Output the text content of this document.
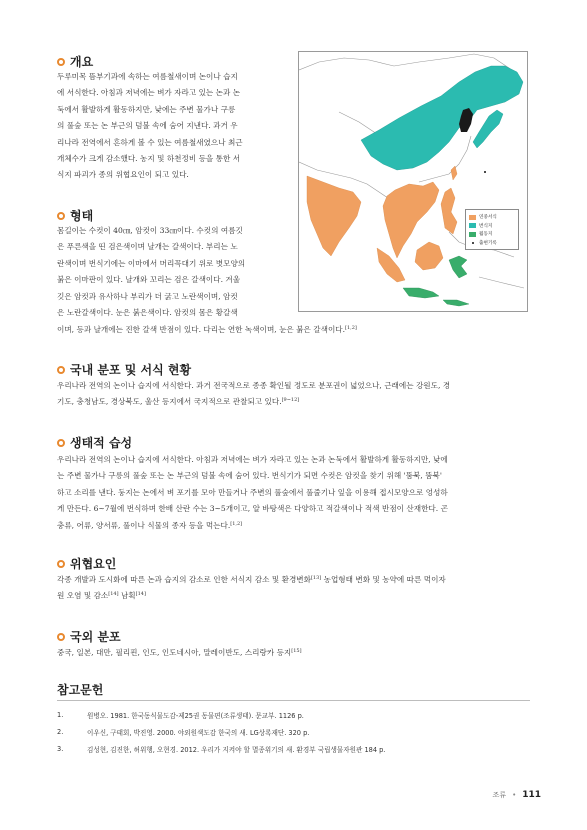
개요
두루미목 뜸부기과에 속하는 여름철새이며 논이나 습지
에 서식한다. 아침과 저녁에는 벼가 자라고 있는 논과 논
둑에서 활발하게 활동하지만, 낮에는 주변 물가나 구릉
의 풀숲 또는 논 부근의 덤불 속에 숨어 지낸다. 과거 우
리나라 전역에서 흔하게 볼 수 있는 여름철새였으나 최근
개체수가 크게 감소했다. 농지 및 하천정비 등을 통한 서
식지 파괴가 종의 위협요인이 되고 있다.
형태
몸길이는 수컷이 40㎝, 암컷이 33㎝이다. 수컷의 여름깃
은 푸른색을 띤 검은색이며 날개는 갈색이다. 부리는 노
란색이며 번식기에는 이마에서 머리꼭대기 위로 볏모양의
붉은 이마판이 있다. 날개와 꼬리는 검은 갈색이다. 겨울
깃은 암컷과 유사하나 부리가 더 굵고 노란색이며, 암컷
은 노란갈색이다. 눈은 붉은색이다. 암컷의 몸은 황갈색
이며, 등과 날개에는 진한 갈색 반점이 있다. 다리는 연한 녹색이며, 눈은 붉은 갈색이다.[1,2]
연중서식
번식지
월동지
출현기록
국내 분포 및 서식 현황
우리나라 전역의 논이나 습지에 서식한다. 과거 전국적으로 종종 확인될 정도로 분포권이 넓었으나, 근래에는 강원도, 경
기도, 충청남도, 경상북도, 울산 등지에서 국지적으로 관찰되고 있다.[9~12]
생태적 습성
우리나라 전역의 논이나 습지에 서식한다. 아침과 저녁에는 벼가 자라고 있는 논과 논둑에서 활발하게 활동하지만, 낮에
는 주변 물가나 구릉의 풀숲 또는 논 부근의 덤불 속에 숨어 있다. 번식기가 되면 수컷은 암컷을 찾기 위해 '뚬북, 뚬북'
하고 소리를 낸다. 둥지는 논에서 벼 포기를 모아 만들거나 주변의 풀숲에서 풀줄기나 잎을 이용해 접시모양으로 엉성하
게 만든다. 6~7월에 번식하며 한배 산란 수는 3~5개이고, 알 바탕색은 다양하고 적갈색이나 적색 반점이 산재한다. 곤
충류, 어류, 양서류, 풀이나 식물의 종자 등을 먹는다.[1,2]
위협요인
각종 개발과 도시화에 따른 논과 습지의 감소로 인한 서식지 감소 및 환경변화[13] 농업형태 변화 및 농약에 따른 먹이자
원 오염 및 감소[14] 남획[14]
국외 분포
중국, 일본, 대만, 필리핀, 인도, 인도네시아, 말레이반도, 스리랑카 등지[15]
참고문헌
1.	원병오. 1981. 한국동식물도감-제25권 동물편(조류생태). 문교부. 1126 p.
2.	이우신, 구태회, 박진영. 2000. 야외원색도감 한국의 새. LG상록재단. 320 p.
3.	김성현, 김진한, 허위행, 오현경. 2012. 우리가 지켜야 할 멸종위기의 새. 환경부 국립생물자원관 184 p.
조류 • 111
